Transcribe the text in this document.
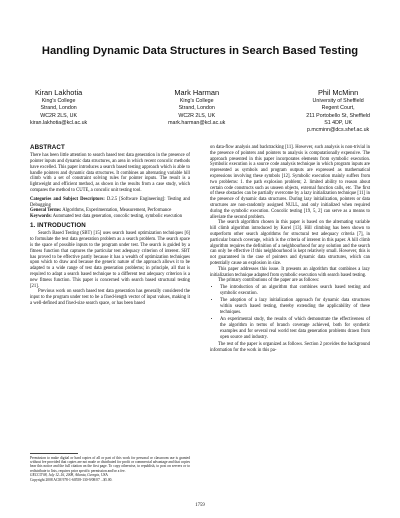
Handling Dynamic Data Structures in Search Based Testing
Kiran Lakhotia
King's College
Strand, London
WC2R 2LS, UK
kiran.lakhotia@kcl.ac.uk
Mark Harman
King's College
Strand, London
WC2R 2LS, UK
mark.harman@kcl.ac.uk
Phil McMinn
University of Sheffield
Regent Court,
211 Portobello St, Sheffield
S1 4DP, UK
p.mcminn@dcs.shef.ac.uk
ABSTRACT

There has been little attention to search based test data generation in the presence of pointer inputs and dynamic data structures, an area in which recent concolic methods have excelled. This paper introduces a search based testing approach which is able to handle pointers and dynamic data structures. It combines an alternating variable hill climb with a set of constraint solving rules for pointer inputs. The result is a lightweight and efficient method, as shown in the results from a case study, which compares the method to CUTE, a concolic unit testing tool.

Categories and Subject Descriptors: D.2.5 [Software Engineering]: Testing and Debugging

General Terms: Algorithms, Experimentation, Measurement, Performance

Keywords: Automated test data generation, concolic testing, symbolic execution

1. INTRODUCTION

Search Based Testing (SBT) [15] uses search based optimization techniques [6] to formulate the test data generation problem as a search problem. The search space is the space of possible inputs to the program under test. The search is guided by a fitness function that captures the particular test adequacy criterion of interest. SBT has proved to be effective partly because it has a wealth of optimization techniques upon which to draw and because the generic nature of the approach allows it to be adapted to a wide range of test data generation problems; in principle, all that is required to adapt a search based technique to a different test adequacy criterion is a new fitness function. This paper is concerned with search based structural testing [21].

Previous work on search based test data generation has generally considered the input to the program under test to be a fixed-length vector of input values, making it a well-defined and fixed-size search space, or has been based

Permission to make digital or hard copies of all or part of this work for personal or classroom use is granted without fee provided that copies are not made or distributed for profit or commercial advantage and that copies bear this notice and the full citation on the first page. To copy otherwise, to republish, to post on servers or to redistribute to lists, requires prior specific permission and/or a fee.
GECCO'08, July 12–16, 2008, Atlanta, Georgia, USA.
Copyright 2008 ACM 978-1-60558-130-9/08/07 ...$5.00.

on data-flow analysis and backtracking [11]. However, such analysis is non-trivial in the presence of pointers and pointers to analysis is computationally expensive. The approach presented in this paper incorporates elements from symbolic execution. Symbolic execution is a source code analysis technique in which program inputs are represented as symbols and program outputs are expressed as mathematical expressions involving these symbols [12]. Symbolic execution mainly suffers from two problems: 1. the path explosion problem; 2. limited ability to reason about certain code constructs such as unseen objects, external function calls, etc. The first of these obstacles can be partially overcome by a lazy initialization technique [11] in the presence of dynamic data structures. During lazy initialization, pointers or data structures are non-randomly assigned NULL, and only initialized when required during the symbolic execution. Concolic testing [19, 5, 2] can serve as a means to alleviate the second problem.

The search algorithm chosen in this paper is based on the alternating variable hill climb algorithm introduced by Korel [13]. Hill climbing has been shown to outperform other search algorithms for structural test adequacy criteria [7], in particular branch coverage, which is the criteria of interest in this paper. A hill climb algorithm requires the definition of a neighbourhood for any solution and the search can only be effective if this neighbourhood is kept relatively small. However, this is not guaranteed in the case of pointers and dynamic data structures, which can potentially cause an explosion in size.

This paper addresses this issue. It presents an algorithm that combines a lazy initialization technique adapted from symbolic execution with search based testing.

The primary contributions of the paper are as follows:

• The introduction of an algorithm that combines search based testing and symbolic execution.
• The adoption of a lazy initialization approach for dynamic data structures within search based testing, thereby extending the applicability of these techniques.
• An experimental study, the results of which demonstrate the effectiveness of the algorithm in terms of branch coverage achieved, both for synthetic examples and for several real world test data generation problems drawn from open source and industry.

The rest of the paper is organized as follows. Section 2 provides the background information for the work in this pa-

1759
